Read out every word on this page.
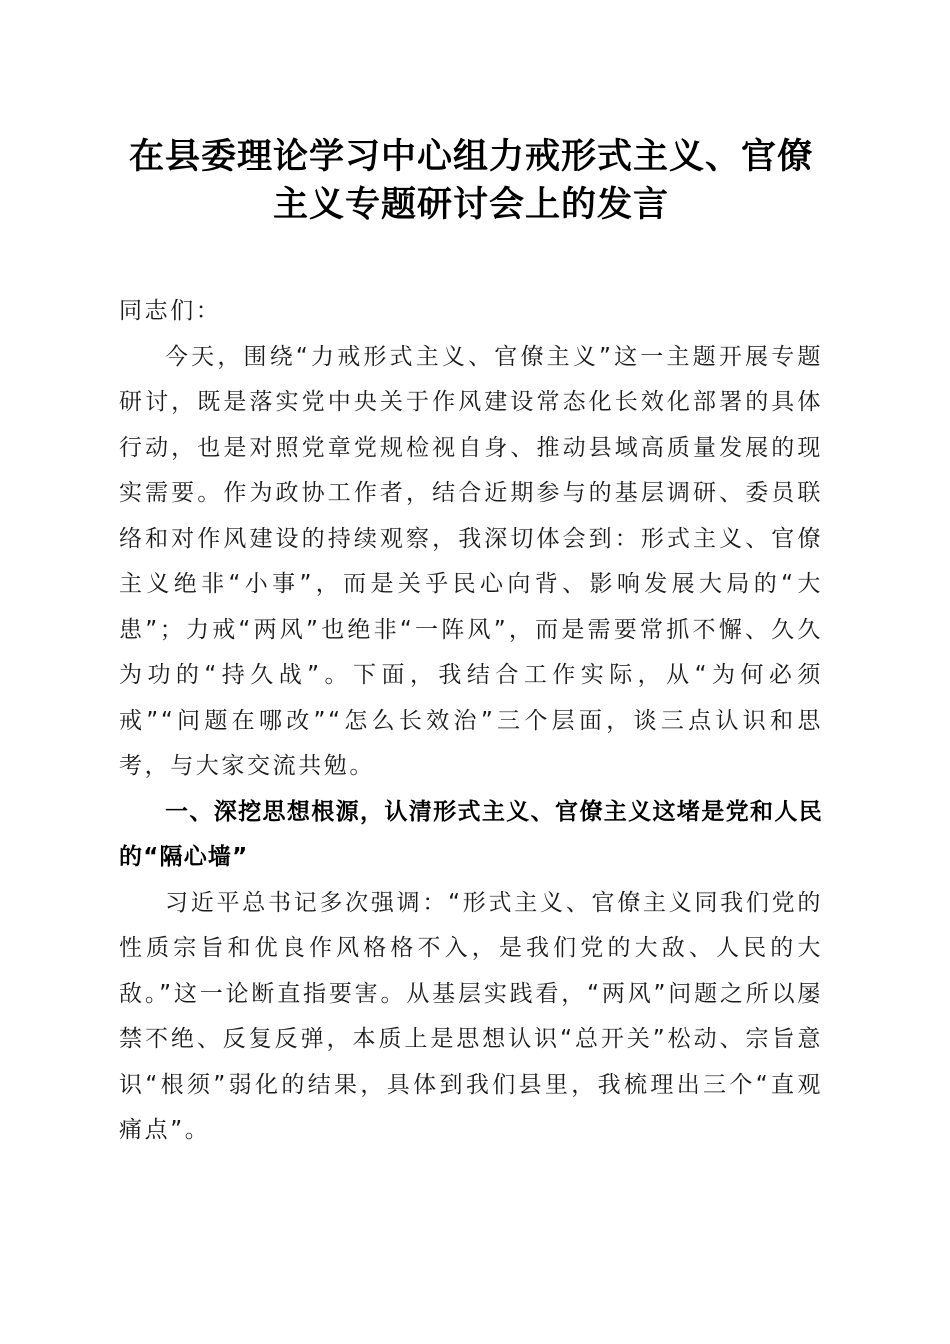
在县委理论学习中心组力戒形式主义、官僚主义专题研讨会上的发言

同志们：

今天，围绕“力戒形式主义、官僚主义”这一主题开展专题研讨，既是落实党中央关于作风建设常态化长效化部署的具体行动，也是对照党章党规检视自身、推动县域高质量发展的现实需要。作为政协工作者，结合近期参与的基层调研、委员联络和对作风建设的持续观察，我深切体会到：形式主义、官僚主义绝非“小事”，而是关乎民心向背、影响发展大局的“大患”；力戒“两风”也绝非“一阵风”，而是需要常抓不懈、久久为功的“持久战”。下面，我结合工作实际，从“为何必须戒”“问题在哪改”“怎么长效治”三个层面，谈三点认识和思考，与大家交流共勉。

一、深挖思想根源，认清形式主义、官僚主义这堵是党和人民的“隔心墙”

习近平总书记多次强调：“形式主义、官僚主义同我们党的性质宗旨和优良作风格格不入，是我们党的大敌、人民的大敌。”这一论断直指要害。从基层实践看，“两风”问题之所以屡禁不绝、反复反弹，本质上是思想认识“总开关”松动、宗旨意识“根须”弱化的结果，具体到我们县里，我梳理出三个“直观痛点”。
